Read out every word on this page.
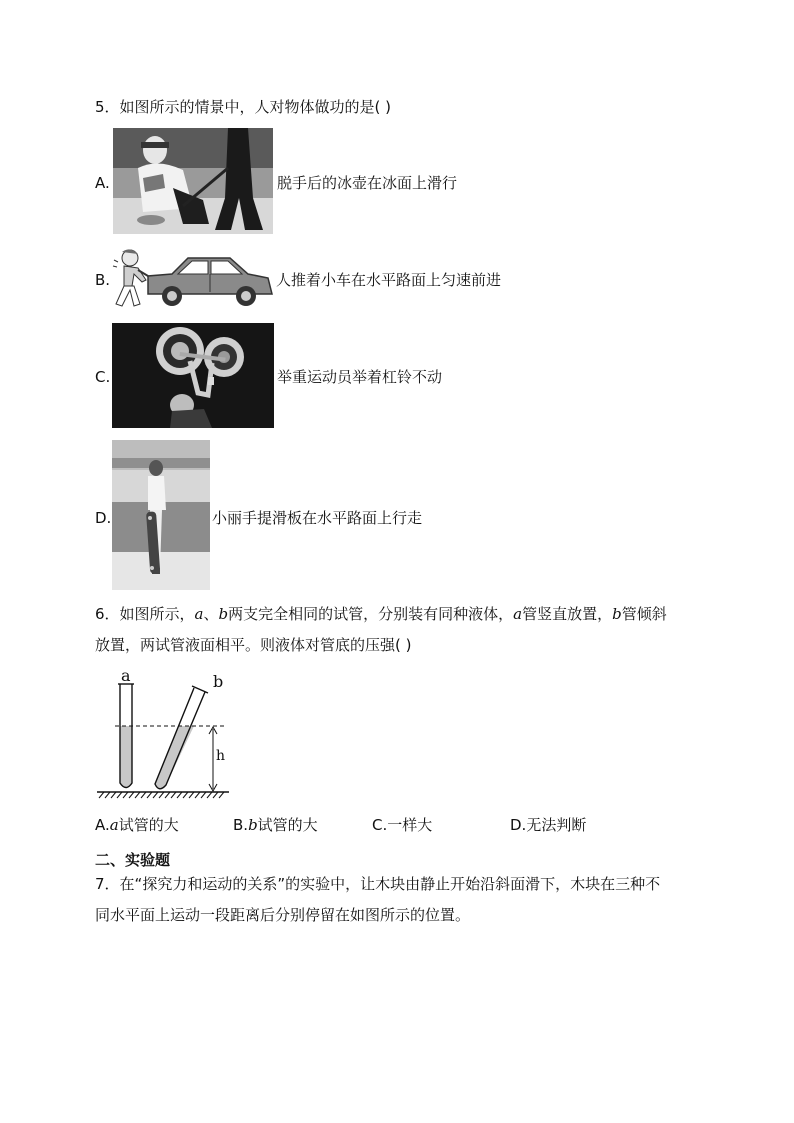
5．如图所示的情景中，人对物体做功的是( )
A.	脱手后的冰壶在冰面上滑行
B.	人推着小车在水平路面上匀速前进
C.	举重运动员举着杠铃不动
D.	小丽手提滑板在水平路面上行走
6．如图所示，a、b两支完全相同的试管，分别装有同种液体，a管竖直放置，b管倾斜
放置，两试管液面相平。则液体对管底的压强( )
a	b
h
A.a试管的大	B.b试管的大	C.一样大	D.无法判断
二、实验题
7．在“探究力和运动的关系”的实验中，让木块由静止开始沿斜面滑下，木块在三种不
同水平面上运动一段距离后分别停留在如图所示的位置。
